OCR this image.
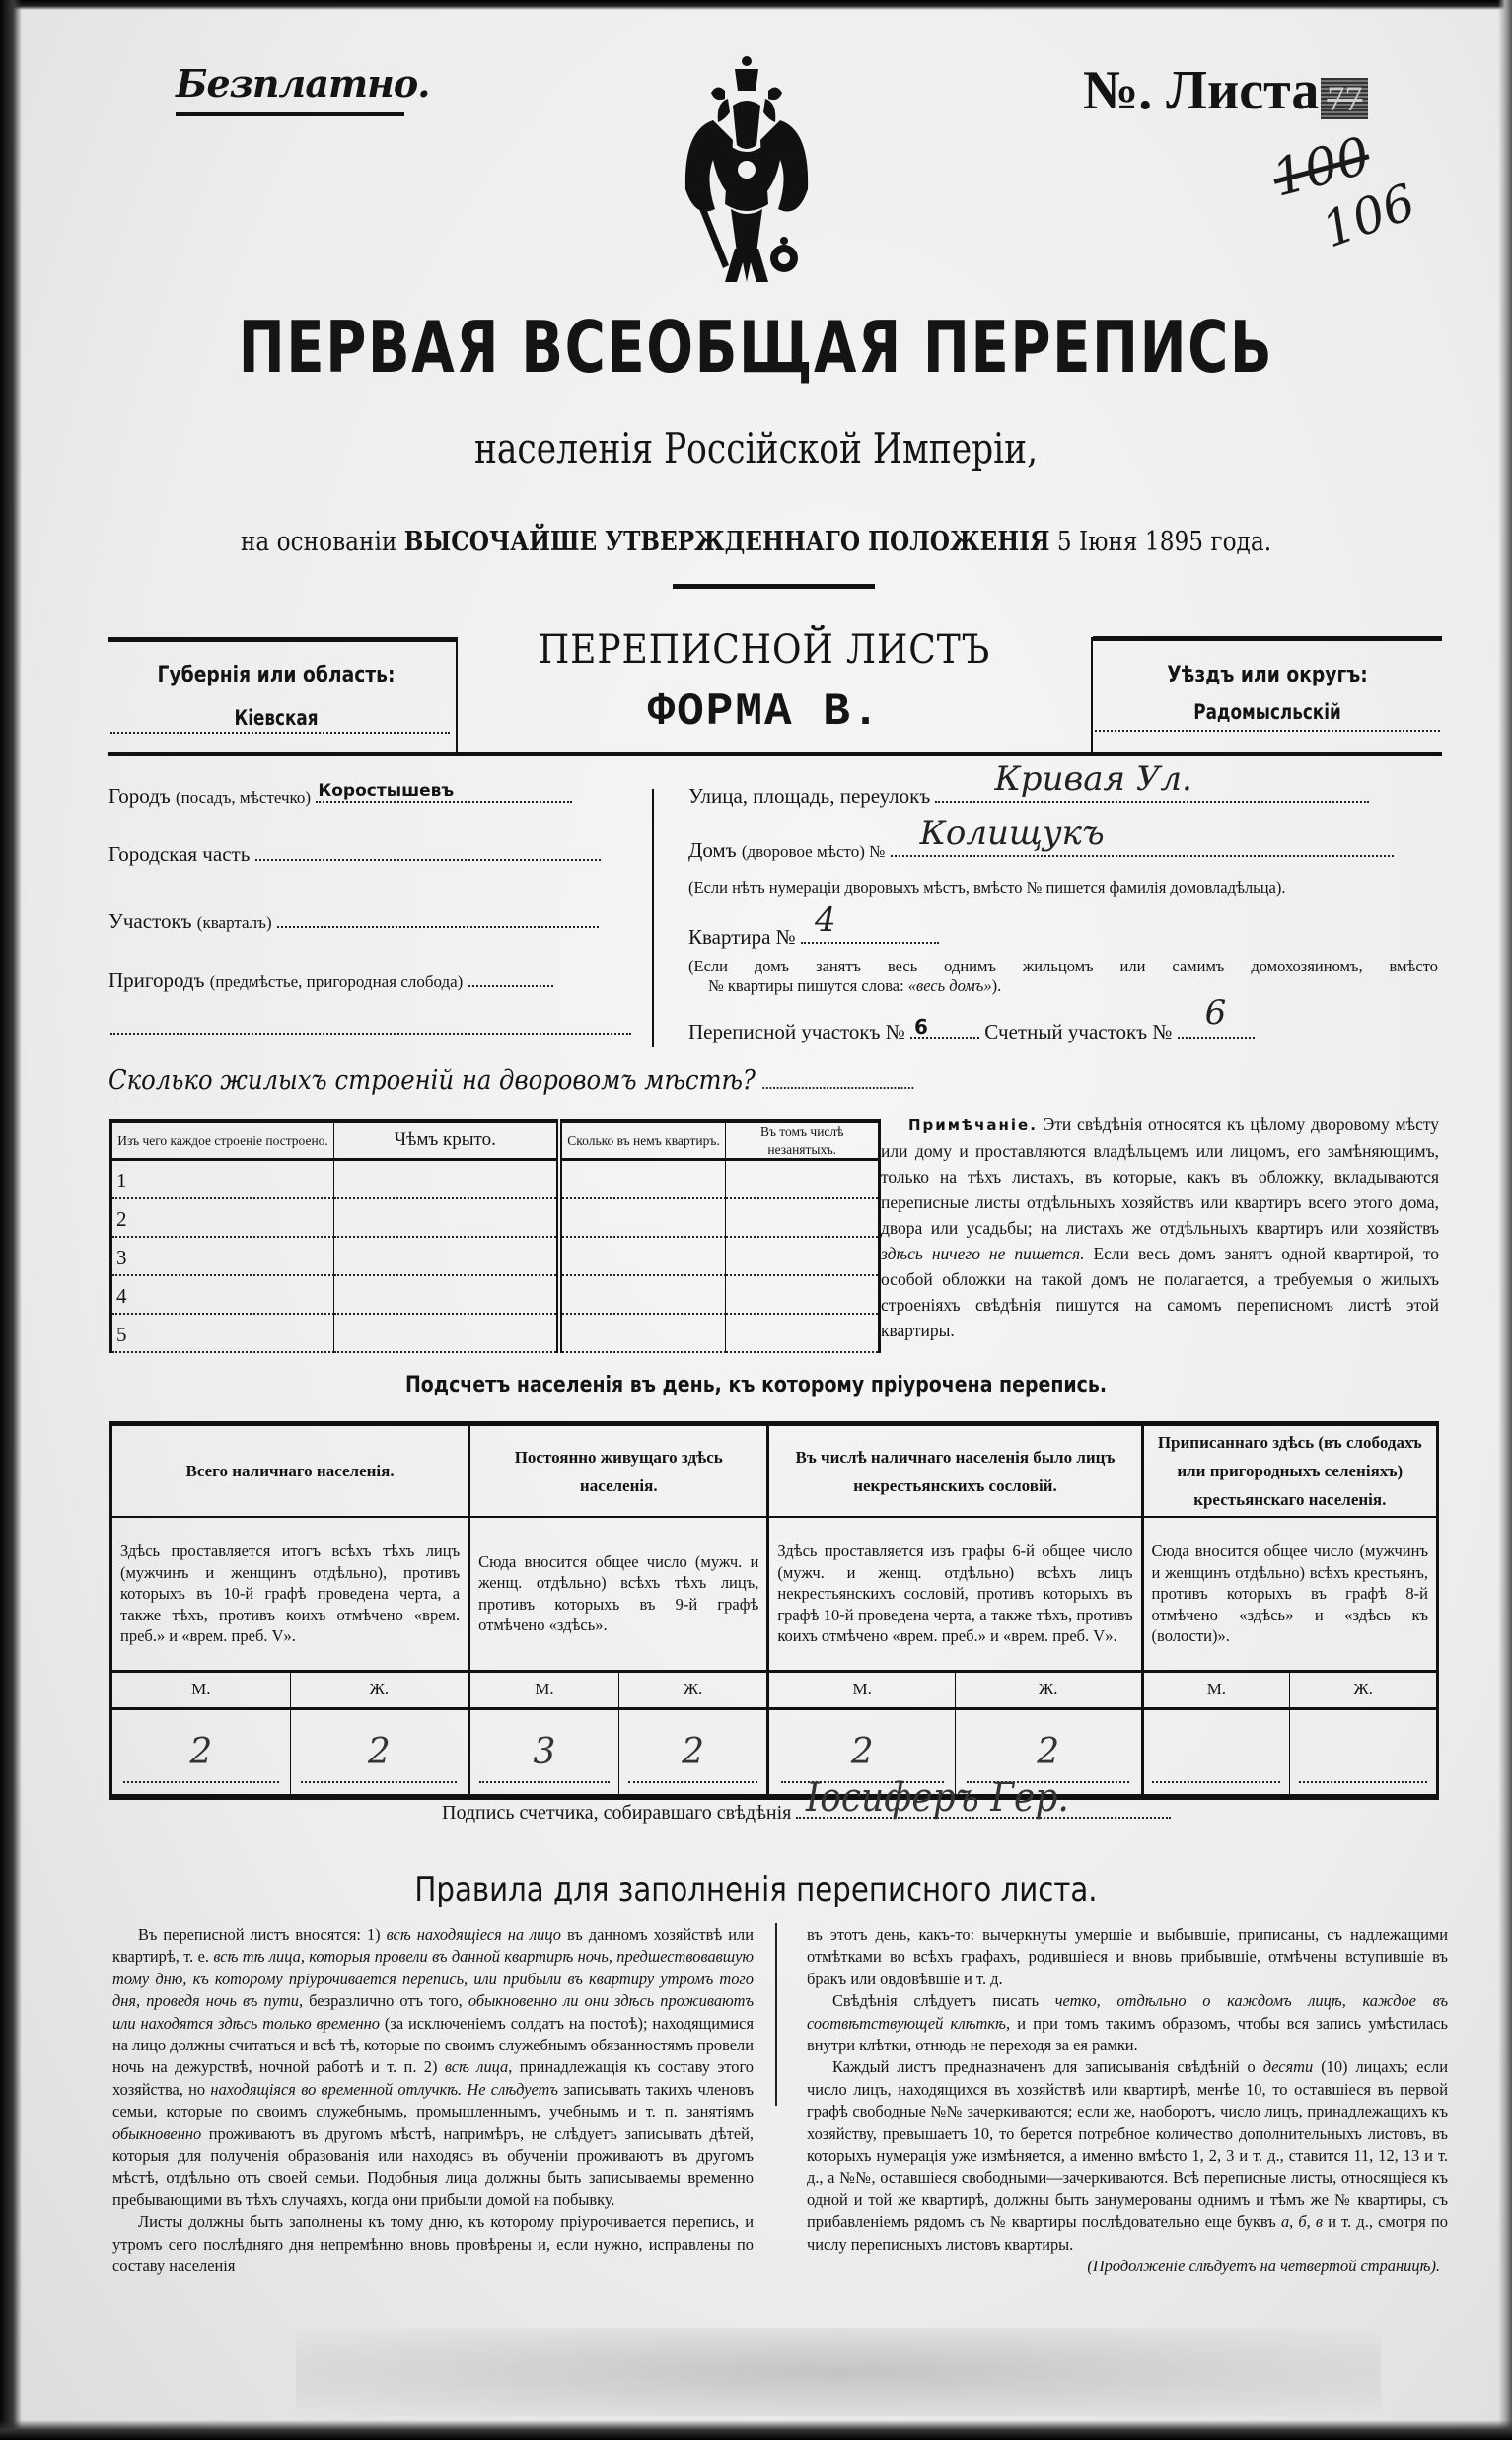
Безплатно.	№. Листа 77
100
106
ПЕРВАЯ ВСЕОБЩАЯ ПЕРЕПИСЬ
населенія Россійской Имперіи,
на основаніи ВЫСОЧАЙШЕ УТВЕРЖДЕННАГО ПОЛОЖЕНІЯ 5 Іюня 1895 года.
Губернія или область:
Кіевская
ПЕРЕПИСНОЙ ЛИСТЪ
ФОРМА В.
Уѣздъ или округъ:
Радомысльскій
Городъ (посадъ, мѣстечко) Коростышевъ
Городская часть
Участокъ (кварталъ)
Пригородъ (предмѣстье, пригородная слобода)
Улица, площадь, переулокъ Кривая Ул.
Домъ (дворовое мѣсто) № Колищукъ
(Если нѣтъ нумераціи дворовыхъ мѣстъ, вмѣсто № пишется фамилія домовладѣльца).
Квартира № 4
(Если домъ занятъ весь однимъ жильцомъ или самимъ домохозяиномъ, вмѣсто
№ квартиры пишутся слова: «весь домъ»).
Переписной участокъ № 6	Счетный участокъ № 6
Сколько жилыхъ строеній на дворовомъ мѣстѣ?
Изъ чего каждое строеніе построено.	Чѣмъ крыто.	Сколько въ немъ квартиръ.	Въ томъ числѣ незанятыхъ.
1			
2			
3			
4			
5			
Примѣчаніе. Эти свѣдѣнія относятся къ цѣлому дворовому мѣсту или дому и проставляются владѣльцемъ или лицомъ, его замѣняющимъ, только на тѣхъ листахъ, въ которые, какъ въ обложку, вкладываются переписные листы отдѣльныхъ хозяйствъ или квартиръ всего этого дома, двора или усадьбы; на листахъ же отдѣльныхъ квартиръ или хозяйствъ здѣсь ничего не пишется. Если весь домъ занятъ одной квартирой, то особой обложки на такой домъ не полагается, а требуемыя о жилыхъ строеніяхъ свѣдѣнія пишутся на самомъ переписномъ листѣ этой квартиры.
Подсчетъ населенія въ день, къ которому пріурочена перепись.
Всего наличнаго населенія.		Постоянно живущаго здѣсь населенія.		Въ числѣ наличнаго населенія было лицъ некрестьянскихъ сословій.		Приписаннаго здѣсь (въ слободахъ или пригородныхъ селеніяхъ) крестьянскаго населенія.	
Здѣсь проставляется итогъ всѣхъ тѣхъ лицъ (мужчинъ и женщинъ отдѣльно), противъ которыхъ въ 10-й графѣ проведена черта, а также тѣхъ, противъ коихъ отмѣчено «врем. преб.» и «врем. преб. V».		Сюда вносится общее число (мужч. и женщ. отдѣльно) всѣхъ тѣхъ лицъ, противъ которыхъ въ 9-й графѣ отмѣчено «здѣсь».		Здѣсь проставляется изъ графы 6-й общее число (мужч. и женщ. отдѣльно) всѣхъ лицъ некрестьянскихъ сословій, противъ которыхъ въ графѣ 10-й проведена черта, а также тѣхъ, противъ коихъ отмѣчено «врем. преб.» и «врем. преб. V».		Сюда вносится общее число (мужчинъ и женщинъ отдѣльно) всѣхъ крестьянъ, противъ которыхъ въ графѣ 8-й отмѣчено «здѣсь» и «здѣсь къ (волости)».	
М.	Ж.	М.	Ж.	М.	Ж.	М.	Ж.
2	2	3	2	2	2		
Подпись счетчика, собиравшаго свѣдѣнія Іосиферъ Гер.
Правила для заполненія переписного листа.

Въ переписной листъ вносятся: 1) всѣ находящіеся на лицо въ данномъ хозяйствѣ или квартирѣ, т. е. всѣ тѣ лица, которыя провели въ данной квартирѣ ночь, предшествовавшую тому дню, къ которому пріурочивается перепись, или прибыли въ квартиру утромъ того дня, проведя ночь въ пути, безразлично отъ того, обыкновенно ли они здѣсь проживаютъ или находятся здѣсь только временно (за исключеніемъ солдатъ на постоѣ); находящимися на лицо должны считаться и всѣ тѣ, которые по своимъ служебнымъ обязанностямъ провели ночь на дежурствѣ, ночной работѣ и т. п. 2) всѣ лица, принадлежащія къ составу этого хозяйства, но находящіяся во временной отлучкѣ. Не слѣдуетъ записывать такихъ членовъ семьи, которые по своимъ служебнымъ, промышленнымъ, учебнымъ и т. п. занятіямъ обыкновенно проживаютъ въ другомъ мѣстѣ, напримѣръ, не слѣдуетъ записывать дѣтей, которыя для полученія образованія или находясь въ обученіи проживаютъ въ другомъ мѣстѣ, отдѣльно отъ своей семьи. Подобныя лица должны быть записываемы временно пребывающими въ тѣхъ случаяхъ, когда они прибыли домой на побывку.

Листы должны быть заполнены къ тому дню, къ которому пріурочивается перепись, и утромъ сего послѣдняго дня непремѣнно вновь провѣрены и, если нужно, исправлены по составу населенія

въ этотъ день, какъ-то: вычеркнуты умершіе и выбывшіе, приписаны, съ надлежащими отмѣтками во всѣхъ графахъ, родившіеся и вновь прибывшіе, отмѣчены вступившіе въ бракъ или овдовѣвшіе и т. д.

Свѣдѣнія слѣдуетъ писать четко, отдѣльно о каждомъ лицѣ, каждое въ соотвѣтствующей клѣткѣ, и при томъ такимъ образомъ, чтобы вся запись умѣстилась внутри клѣтки, отнюдь не переходя за ея рамки.

Каждый листъ предназначенъ для записыванія свѣдѣній о десяти (10) лицахъ; если число лицъ, находящихся въ хозяйствѣ или квартирѣ, менѣе 10, то оставшіеся въ первой графѣ свободные №№ зачеркиваются; если же, наоборотъ, число лицъ, принадлежащихъ къ хозяйству, превышаетъ 10, то берется потребное количество дополнительныхъ листовъ, въ которыхъ нумерація уже измѣняется, а именно вмѣсто 1, 2, 3 и т. д., ставится 11, 12, 13 и т. д., а №№, оставшіеся свободными—зачеркиваются. Всѣ переписные листы, относящіеся къ одной и той же квартирѣ, должны быть занумерованы однимъ и тѣмъ же № квартиры, съ прибавленіемъ рядомъ съ № квартиры послѣдовательно еще буквъ а, б, в и т. д., смотря по числу переписныхъ листовъ квартиры.

(Продолженіе слѣдуетъ на четвертой страницѣ).
